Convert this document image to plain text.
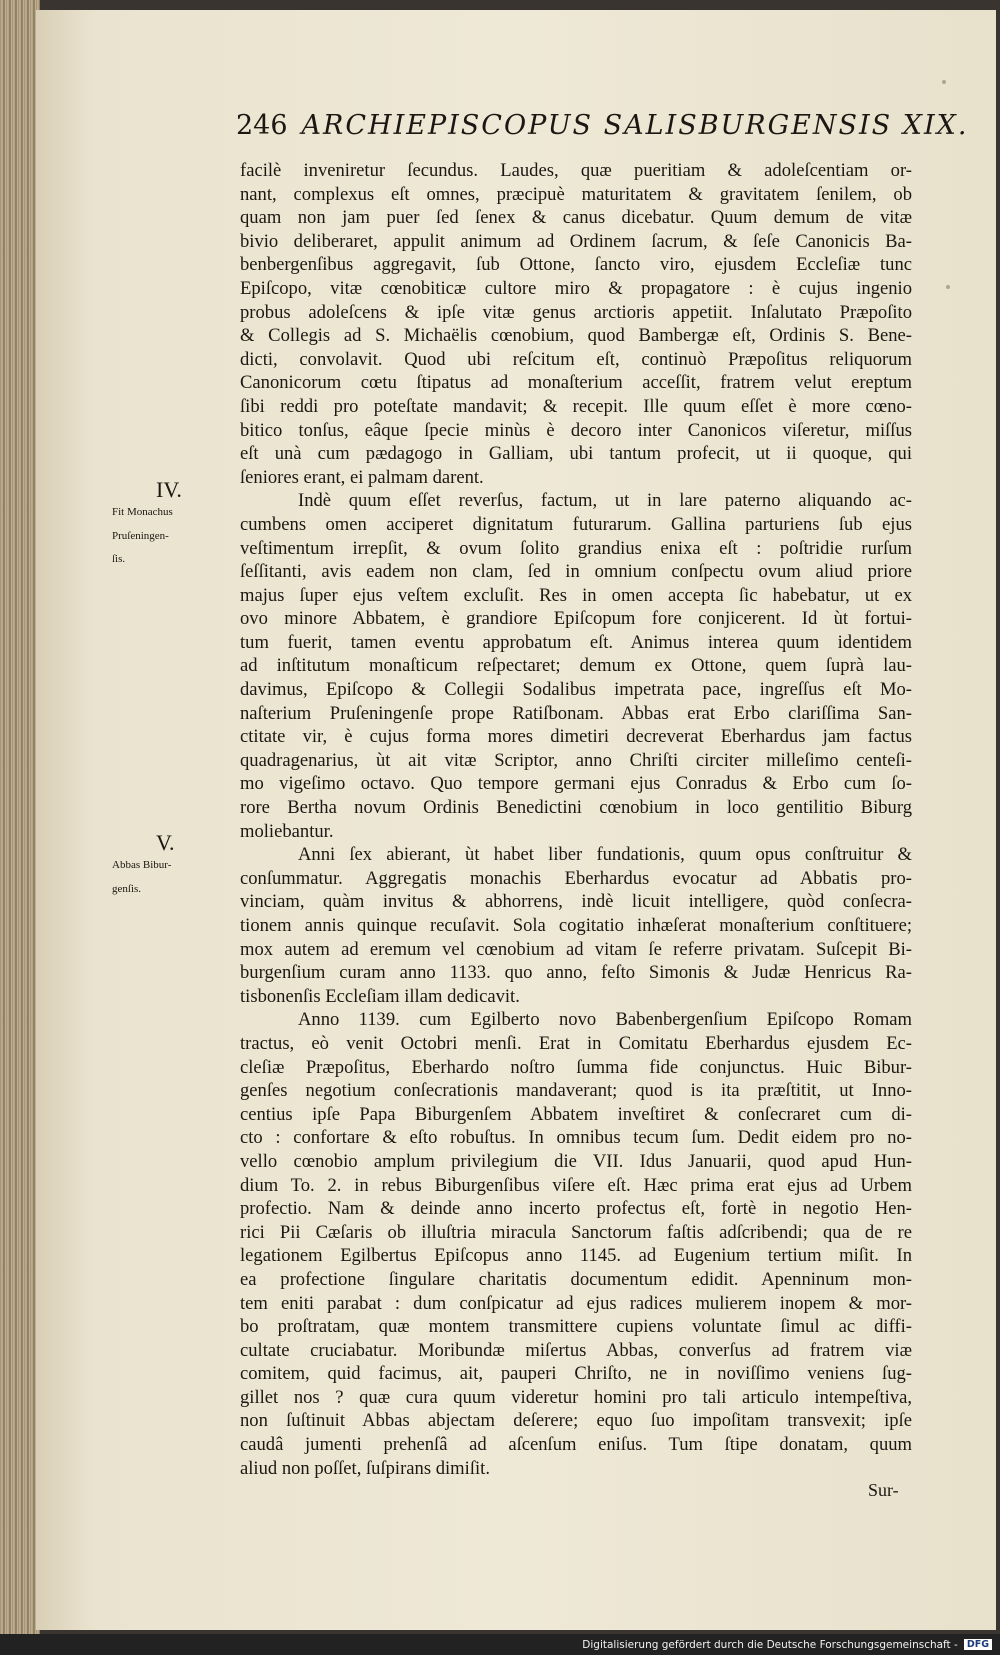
246 ARCHIEPISCOPUS SALISBURGENSIS XIX.
facilè inveniretur ſecundus. Laudes, quæ pueritiam & adoleſcentiam or-
nant, complexus eſt omnes, præcipuè maturitatem & gravitatem ſenilem, ob
quam non jam puer ſed ſenex & canus dicebatur. Quum demum de vitæ
bivio deliberaret, appulit animum ad Ordinem ſacrum, & ſeſe Canonicis Ba-
benbergenſibus aggregavit, ſub Ottone, ſancto viro, ejusdem Eccleſiæ tunc
Epiſcopo, vitæ cœnobiticæ cultore miro & propagatore : è cujus ingenio
probus adoleſcens & ipſe vitæ genus arctioris appetiit. Inſalutato Præpoſito
& Collegis ad S. Michaëlis cœnobium, quod Bambergæ eſt, Ordinis S. Bene-
dicti, convolavit. Quod ubi reſcitum eſt, continuò Præpoſitus reliquorum
Canonicorum cœtu ſtipatus ad monaſterium acceſſit, fratrem velut ereptum
ſibi reddi pro poteſtate mandavit; & recepit. Ille quum eſſet è more cœno-
bitico tonſus, eâque ſpecie minùs è decoro inter Canonicos viſeretur, miſſus
eſt unà cum pædagogo in Galliam, ubi tantum profecit, ut ii quoque, qui
ſeniores erant, ei palmam darent.
Indè quum eſſet reverſus, factum, ut in lare paterno aliquando ac-
cumbens omen acciperet dignitatum futurarum. Gallina parturiens ſub ejus
veſtimentum irrepſit, & ovum ſolito grandius enixa eſt : poſtridie rurſum
ſeſſitanti, avis eadem non clam, ſed in omnium conſpectu ovum aliud priore
majus ſuper ejus veſtem excluſit. Res in omen accepta ſic habebatur, ut ex
ovo minore Abbatem, è grandiore Epiſcopum fore conjicerent. Id ùt fortui-
tum fuerit, tamen eventu approbatum eſt. Animus interea quum identidem
ad inſtitutum monaſticum reſpectaret; demum ex Ottone, quem ſuprà lau-
davimus, Epiſcopo & Collegii Sodalibus impetrata pace, ingreſſus eſt Mo-
naſterium Pruſeningenſe prope Ratiſbonam. Abbas erat Erbo clariſſima San-
ctitate vir, è cujus forma mores dimetiri decreverat Eberhardus jam factus
quadragenarius, ùt ait vitæ Scriptor, anno Chriſti circiter milleſimo centeſi-
mo vigeſimo octavo. Quo tempore germani ejus Conradus & Erbo cum ſo-
rore Bertha novum Ordinis Benedictini cœnobium in loco gentilitio Biburg
moliebantur.
Anni ſex abierant, ùt habet liber fundationis, quum opus conſtruitur &
conſummatur. Aggregatis monachis Eberhardus evocatur ad Abbatis pro-
vinciam, quàm invitus & abhorrens, indè licuit intelligere, quòd conſecra-
tionem annis quinque recuſavit. Sola cogitatio inhæſerat monaſterium conſtituere;
mox autem ad eremum vel cœnobium ad vitam ſe referre privatam. Suſcepit Bi-
burgenſium curam anno 1133. quo anno, feſto Simonis & Judæ Henricus Ra-
tisbonenſis Eccleſiam illam dedicavit.
Anno 1139. cum Egilberto novo Babenbergenſium Epiſcopo Romam
tractus, eò venit Octobri menſi. Erat in Comitatu Eberhardus ejusdem Ec-
cleſiæ Præpoſitus, Eberhardo noſtro ſumma fide conjunctus. Huic Bibur-
genſes negotium conſecrationis mandaverant; quod is ita præſtitit, ut Inno-
centius ipſe Papa Biburgenſem Abbatem inveſtiret & conſecraret cum di-
cto : confortare & eſto robuſtus. In omnibus tecum ſum. Dedit eidem pro no-
vello cœnobio amplum privilegium die VII. Idus Januarii, quod apud Hun-
dium To. 2. in rebus Biburgenſibus viſere eſt. Hæc prima erat ejus ad Urbem
profectio. Nam & deinde anno incerto profectus eſt, fortè in negotio Hen-
rici Pii Cæſaris ob illuſtria miracula Sanctorum faſtis adſcribendi; qua de re
legationem Egilbertus Epiſcopus anno 1145. ad Eugenium tertium miſit. In
ea profectione ſingulare charitatis documentum edidit. Apenninum mon-
tem eniti parabat : dum conſpicatur ad ejus radices mulierem inopem & mor-
bo proſtratam, quæ montem transmittere cupiens voluntate ſimul ac diffi-
cultate cruciabatur. Moribundæ miſertus Abbas, converſus ad fratrem viæ
comitem, quid facimus, ait, pauperi Chriſto, ne in noviſſimo veniens ſug-
gillet nos ? quæ cura quum videretur homini pro tali articulo intempeſtiva,
non ſuſtinuit Abbas abjectam deſerere; equo ſuo impoſitam transvexit; ipſe
caudâ jumenti prehenſâ ad aſcenſum eniſus. Tum ſtipe donatam, quum
aliud non poſſet, ſuſpirans dimiſit.
IV.
Fit Monachus
Pruſeningen-
ſis.
V.
Abbas Bibur-
genſis.
Sur-
Digitalisierung gefördert durch die Deutsche Forschungsgemeinschaft - DFG
